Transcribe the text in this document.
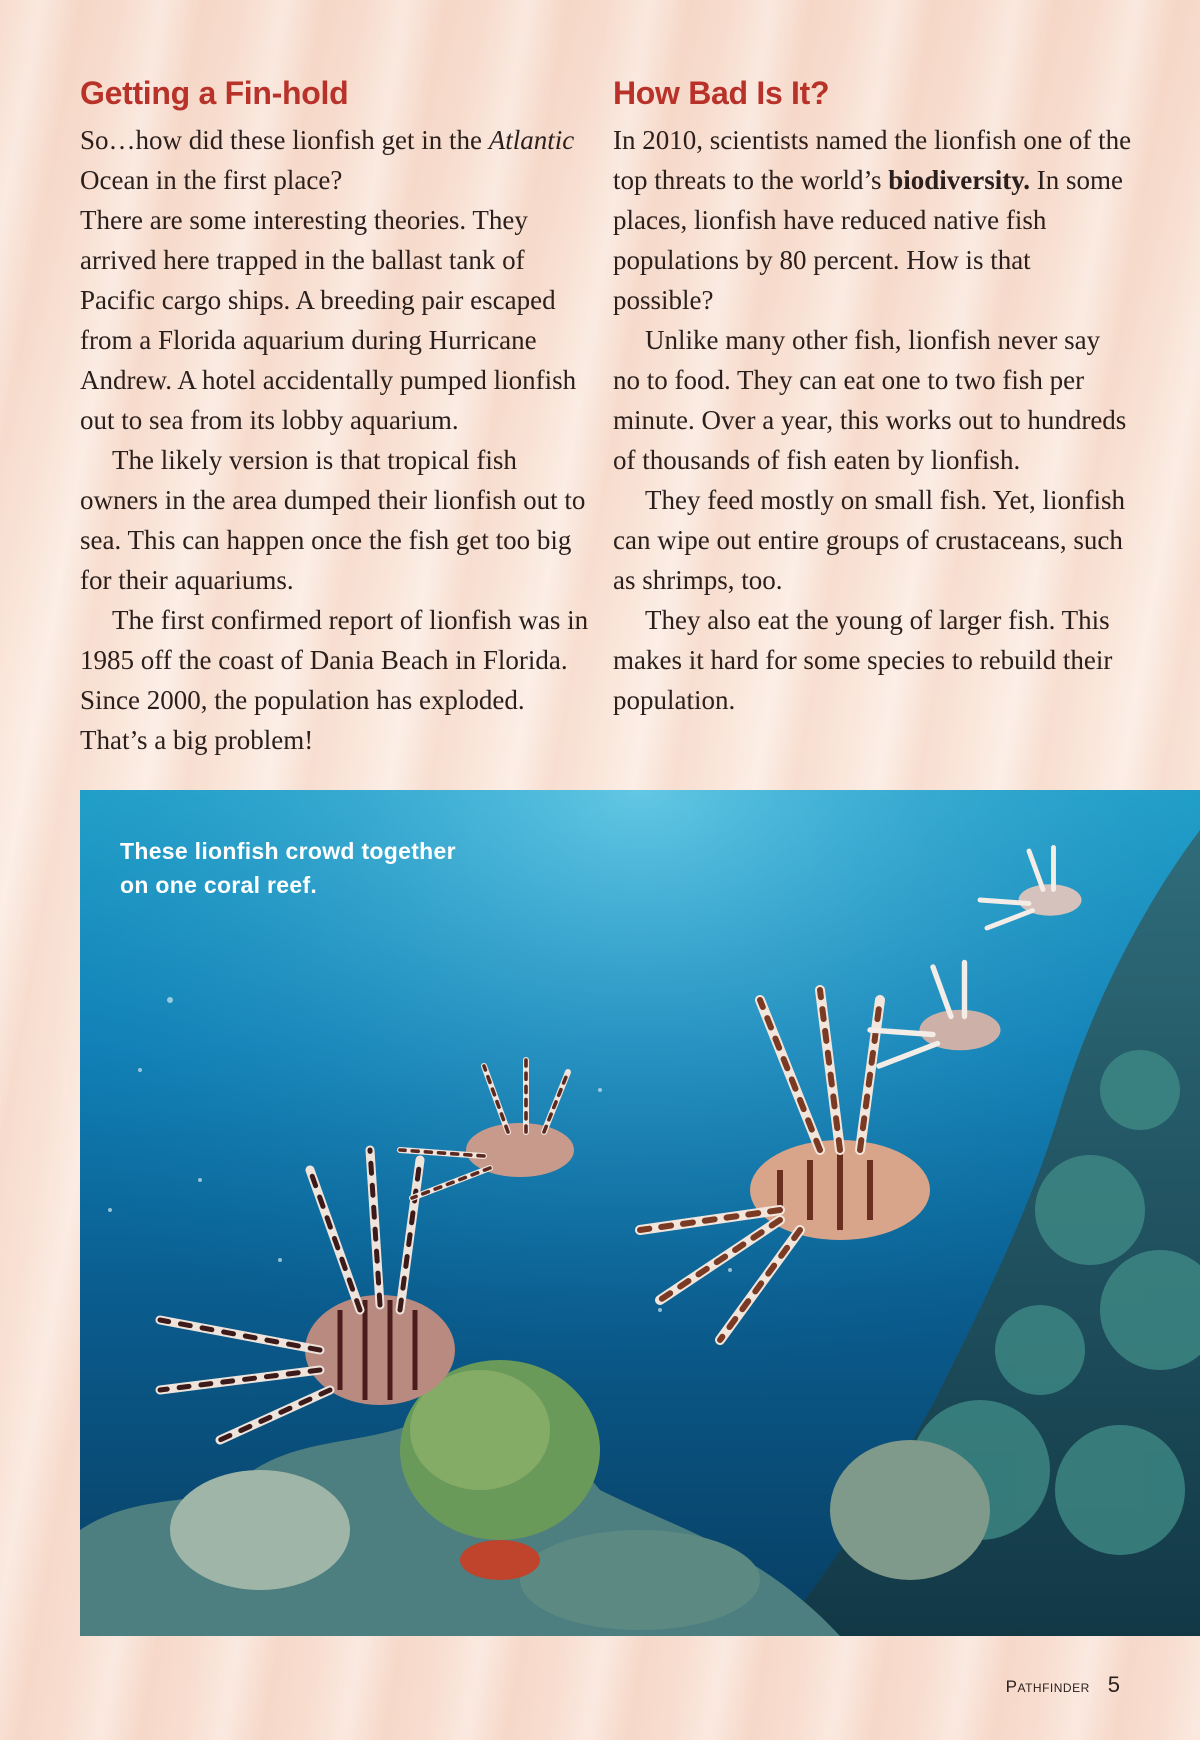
Getting a Fin-hold

So…how did these lionfish get in the Atlantic Ocean in the first place?

There are some interesting theories. They arrived here trapped in the ballast tank of Pacific cargo ships. A breeding pair escaped from a Florida aquarium during Hurricane Andrew. A hotel accidentally pumped lionfish out to sea from its lobby aquarium.

The likely version is that tropical fish owners in the area dumped their lionfish out to sea. This can happen once the fish get too big for their aquariums.

The first confirmed report of lionfish was in 1985 off the coast of Dania Beach in Florida. Since 2000, the population has exploded. That’s a big problem!

How Bad Is It?

In 2010, scientists named the lionfish one of the top threats to the world’s biodiversity. In some places, lionfish have reduced native fish populations by 80 percent. How is that possible?

Unlike many other fish, lionfish never say no to food. They can eat one to two fish per minute. Over a year, this works out to hundreds of thousands of fish eaten by lionfish.

They feed mostly on small fish. Yet, lionfish can wipe out entire groups of crustaceans, such as shrimps, too.

They also eat the young of larger fish. This makes it hard for some species to rebuild their population.

These lionfish crowd together
on one coral reef.
Pathfinder 5
